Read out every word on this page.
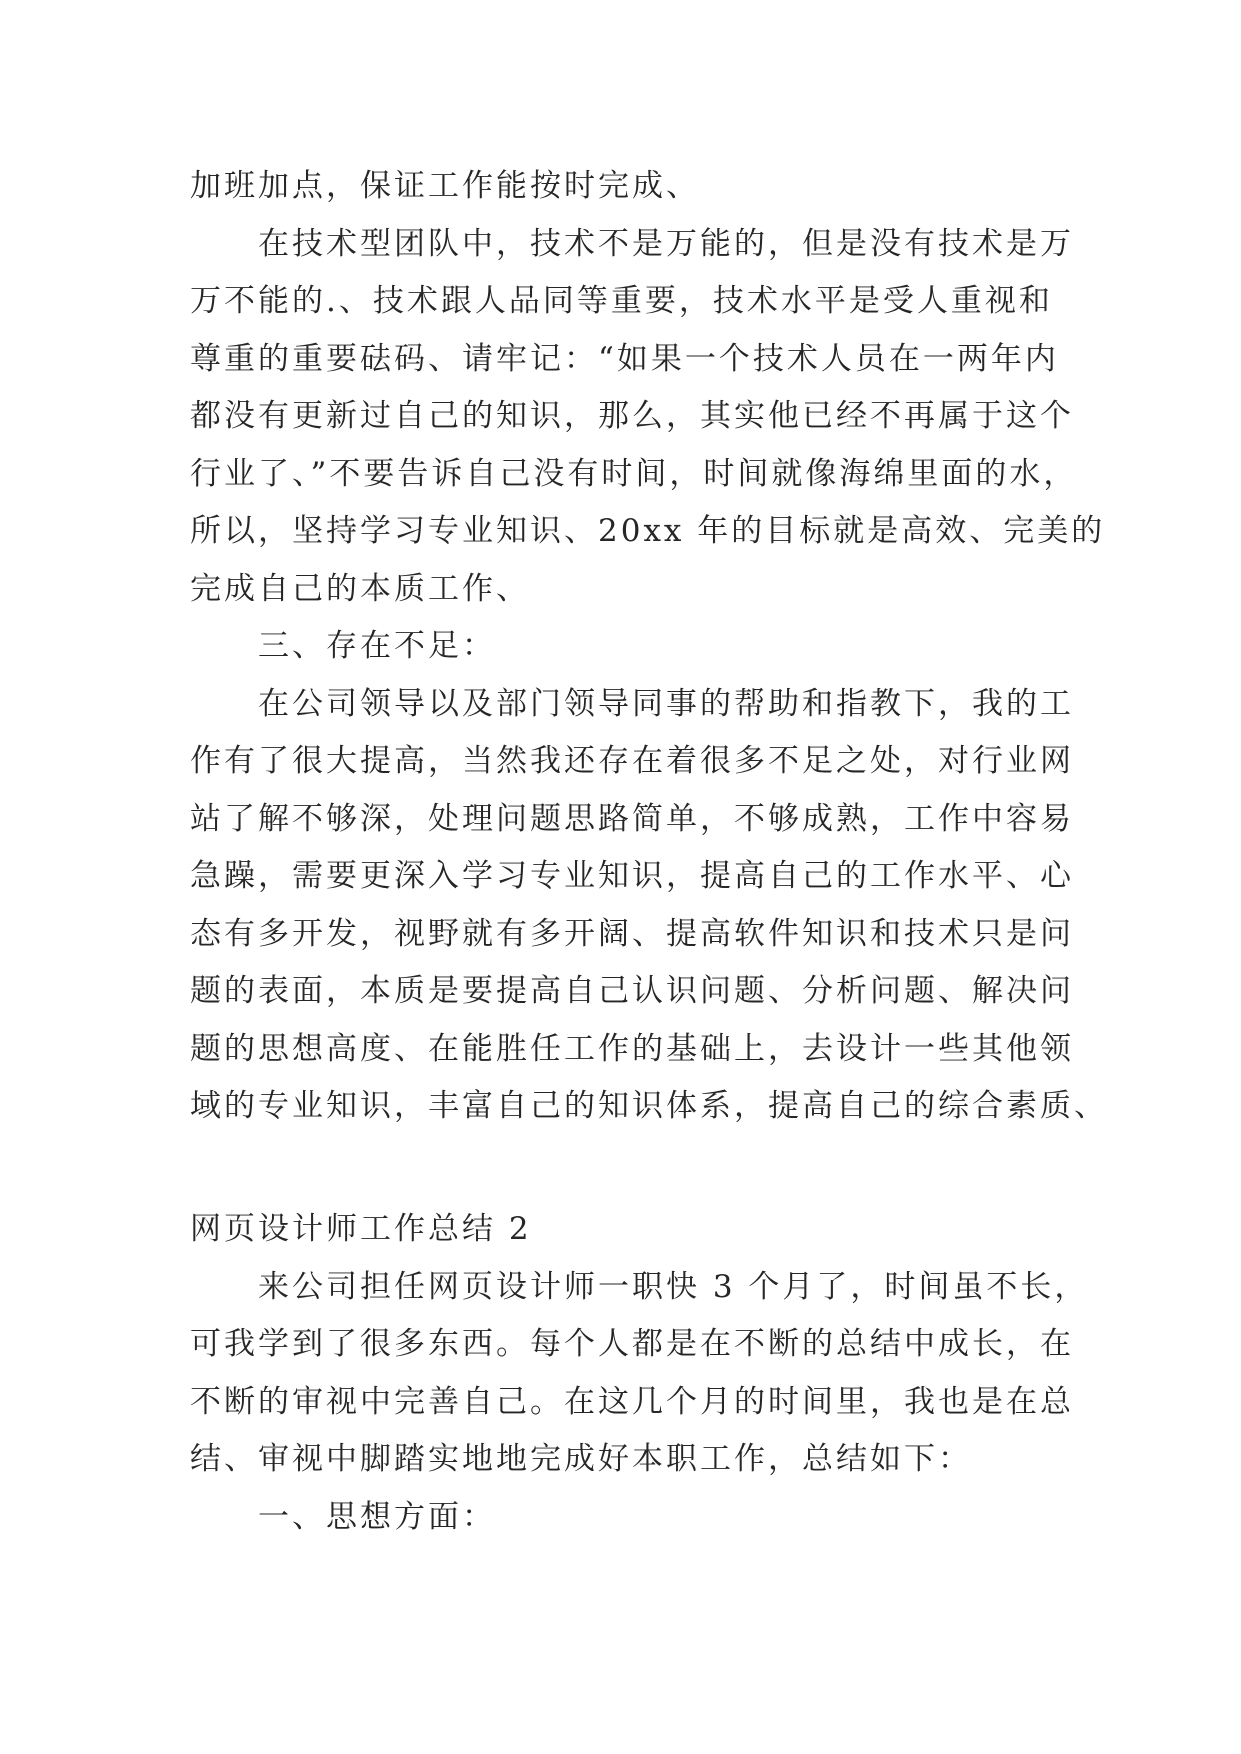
加班加点，保证工作能按时完成、
在技术型团队中，技术不是万能的，但是没有技术是万
万不能的.、技术跟人品同等重要，技术水平是受人重视和
尊重的重要砝码、请牢记：“如果一个技术人员在一两年内
都没有更新过自己的知识，那么，其实他已经不再属于这个
行业了、”不要告诉自己没有时间，时间就像海绵里面的水，
所以，坚持学习专业知识、20xx 年的目标就是高效、完美的
完成自己的本质工作、
三、存在不足：
在公司领导以及部门领导同事的帮助和指教下，我的工
作有了很大提高，当然我还存在着很多不足之处，对行业网
站了解不够深，处理问题思路简单，不够成熟，工作中容易
急躁，需要更深入学习专业知识，提高自己的工作水平、心
态有多开发，视野就有多开阔、提高软件知识和技术只是问
题的表面，本质是要提高自己认识问题、分析问题、解决问
题的思想高度、在能胜任工作的基础上，去设计一些其他领
域的专业知识，丰富自己的知识体系，提高自己的综合素质、
网页设计师工作总结 2
来公司担任网页设计师一职快 3 个月了，时间虽不长，
可我学到了很多东西。每个人都是在不断的总结中成长，在
不断的审视中完善自己。在这几个月的时间里，我也是在总
结、审视中脚踏实地地完成好本职工作，总结如下：
一、思想方面：
